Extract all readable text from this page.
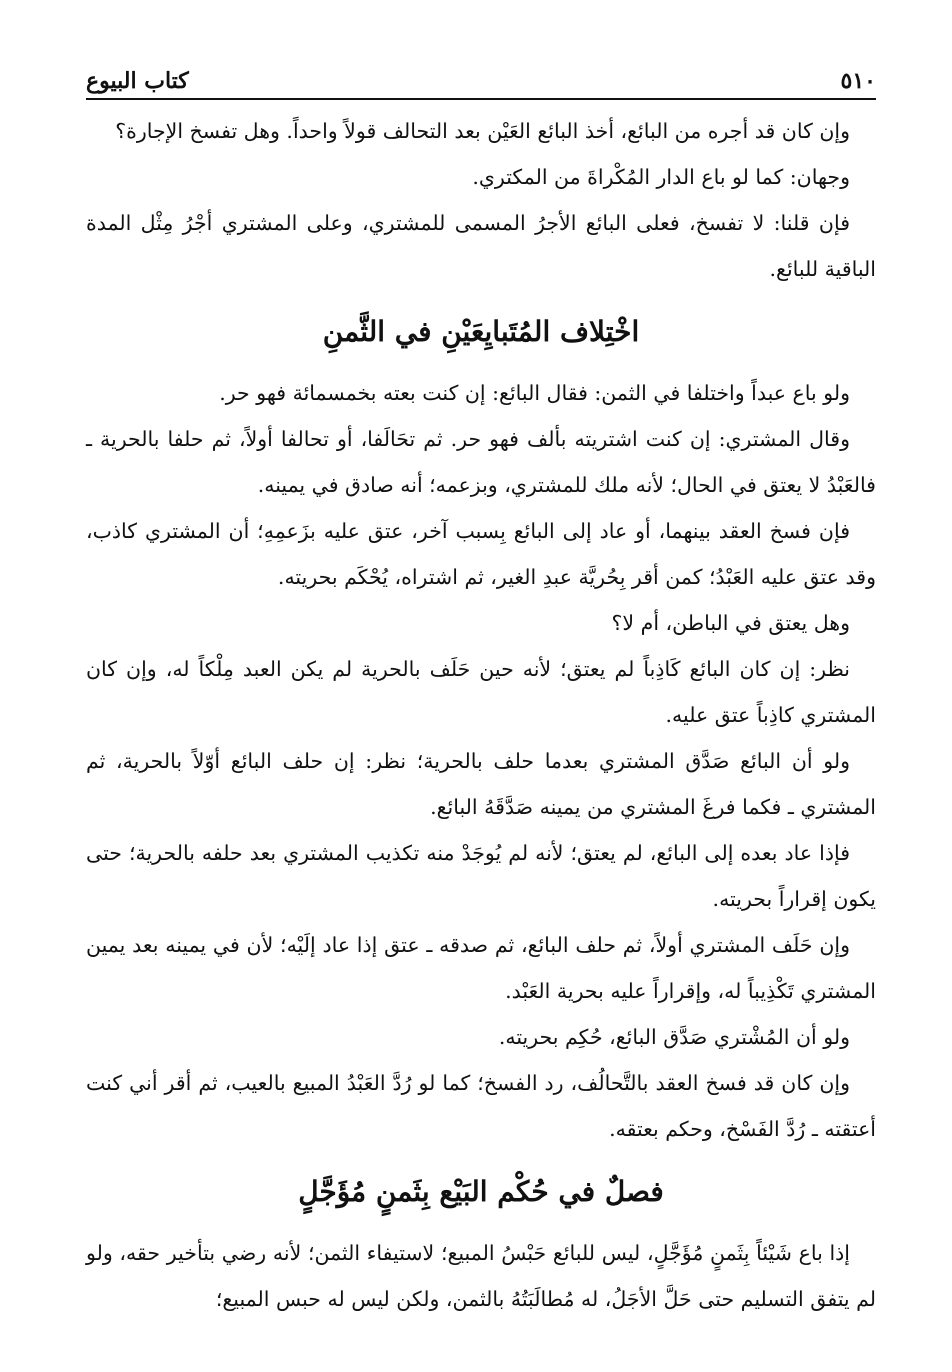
٥١٠
كتاب البيوع

وإن كان قد أجره من البائع، أخذ البائع العَيْن بعد التحالف قولاً واحداً. وهل تفسخ الإجارة؟

وجهان: كما لو باع الدار المُكْراةَ من المكتري.

فإن قلنا: لا تفسخ، فعلى البائع الأجرُ المسمى للمشتري، وعلى المشتري أجْرُ مِثْل المدة الباقية للبائع.

اخْتِلاف المُتَبايِعَيْنِ في الثَّمنِ

ولو باع عبداً واختلفا في الثمن: فقال البائع: إن كنت بعته بخمسمائة فهو حر.

وقال المشتري: إن كنت اشتريته بألف فهو حر. ثم تحَالَفا، أو تحالفا أولاً، ثم حلفا بالحرية ـ فالعَبْدُ لا يعتق في الحال؛ لأنه ملك للمشتري، وبزعمه؛ أنه صادق في يمينه.

فإن فسخ العقد بينهما، أو عاد إلى البائع بِسبب آخر، عتق عليه بزَعمِهِ؛ أن المشتري كاذب، وقد عتق عليه العَبْدُ؛ كمن أقر بِحُريَّة عبدِ الغير، ثم اشتراه، يُحْكَم بحريته.

وهل يعتق في الباطن، أم لا؟

نظر: إن كان البائع كَاذِباً لم يعتق؛ لأنه حين حَلَف بالحرية لم يكن العبد مِلْكاً له، وإن كان المشتري كاذِباً عتق عليه.

ولو أن البائع صَدَّق المشتري بعدما حلف بالحرية؛ نظر: إن حلف البائع أوّلاً بالحرية، ثم المشتري ـ فكما فرغَ المشتري من يمينه صَدَّقَهُ البائع.

فإذا عاد بعده إلى البائع، لم يعتق؛ لأنه لم يُوجَدْ منه تكذيب المشتري بعد حلفه بالحرية؛ حتى يكون إقراراً بحريته.

وإن حَلَف المشتري أولاً، ثم حلف البائع، ثم صدقه ـ عتق إذا عاد إلَيْه؛ لأن في يمينه بعد يمين المشتري تَكْذِيباً له، وإقراراً عليه بحرية العَبْد.

ولو أن المُشْتري صَدَّق البائع، حُكِم بحريته.

وإن كان قد فسخ العقد بالتَّحالُف، رد الفسخ؛ كما لو رُدَّ العَبْدُ المبيع بالعيب، ثم أقر أني كنت أعتقته ـ رُدَّ الفَسْخ، وحكم بعتقه.

فصلٌ في حُكْم البَيْع بِثَمنٍ مُؤَجَّلٍ

إذا باع شَيْئاً بِثَمنٍ مُؤَجَّلٍ، ليس للبائع حَبْسُ المبيع؛ لاستيفاء الثمن؛ لأنه رضي بتأخير حقه، ولو لم يتفق التسليم حتى حَلَّ الأجَلُ، له مُطالَبَتُهُ بالثمن، ولكن ليس له حبس المبيع؛
